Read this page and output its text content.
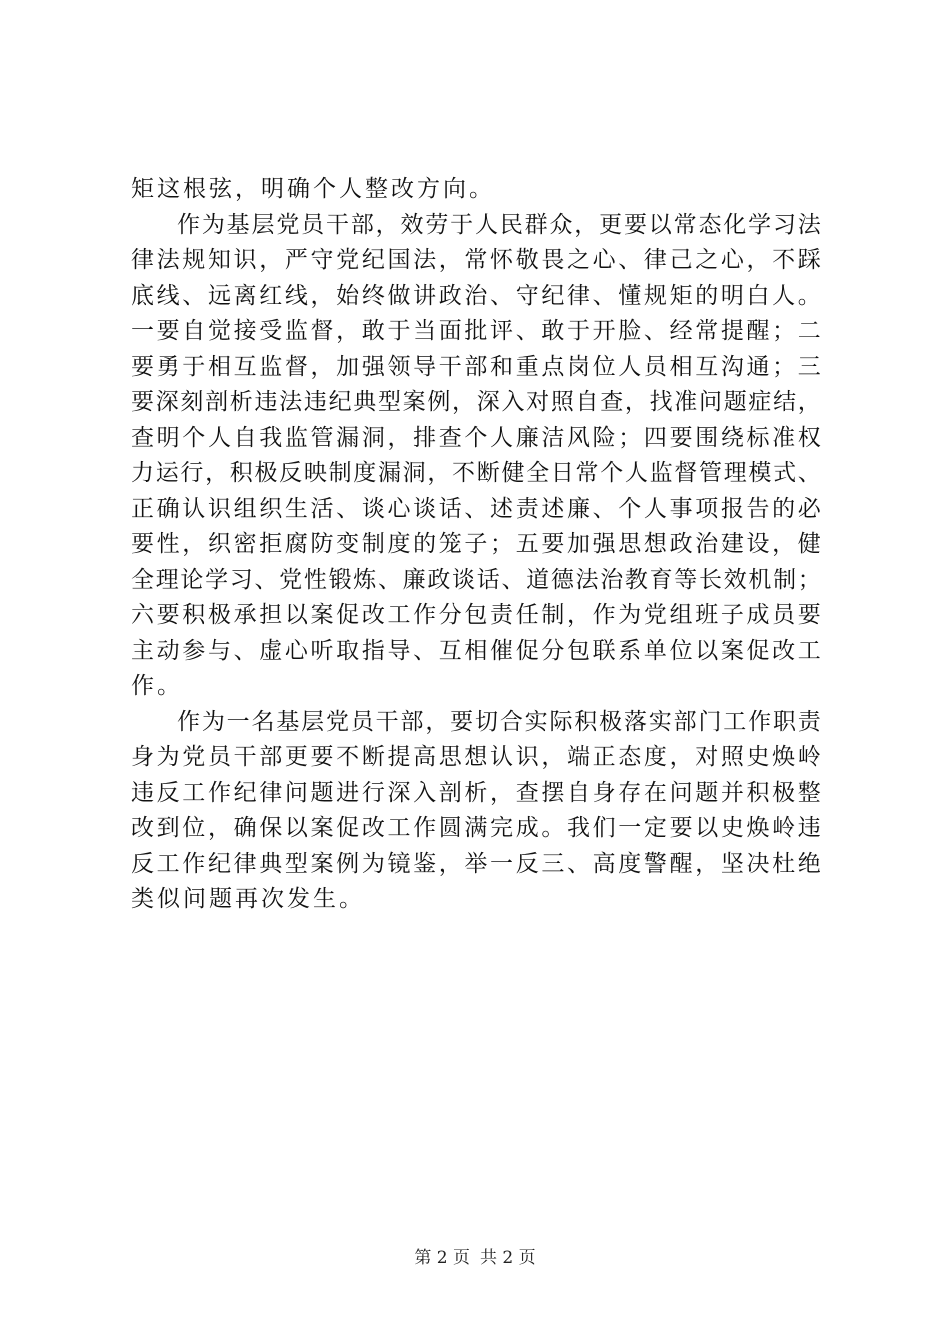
矩这根弦，明确个人整改方向。
作为基层党员干部，效劳于人民群众，更要以常态化学习法
律法规知识，严守党纪国法，常怀敬畏之心、律己之心，不踩
底线、远离红线，始终做讲政治、守纪律、懂规矩的明白人。
一要自觉接受监督，敢于当面批评、敢于开脸、经常提醒；二
要勇于相互监督，加强领导干部和重点岗位人员相互沟通；三
要深刻剖析违法违纪典型案例，深入对照自查，找准问题症结，
查明个人自我监管漏洞，排查个人廉洁风险；四要围绕标准权
力运行，积极反映制度漏洞，不断健全日常个人监督管理模式、
正确认识组织生活、谈心谈话、述责述廉、个人事项报告的必
要性，织密拒腐防变制度的笼子；五要加强思想政治建设，健
全理论学习、党性锻炼、廉政谈话、道德法治教育等长效机制；
六要积极承担以案促改工作分包责任制，作为党组班子成员要
主动参与、虚心听取指导、互相催促分包联系单位以案促改工
作。
作为一名基层党员干部，要切合实际积极落实部门工作职责
身为党员干部更要不断提高思想认识，端正态度，对照史焕岭
违反工作纪律问题进行深入剖析，查摆自身存在问题并积极整
改到位，确保以案促改工作圆满完成。我们一定要以史焕岭违
反工作纪律典型案例为镜鉴，举一反三、高度警醒，坚决杜绝
类似问题再次发生。
第 2 页 共 2 页
